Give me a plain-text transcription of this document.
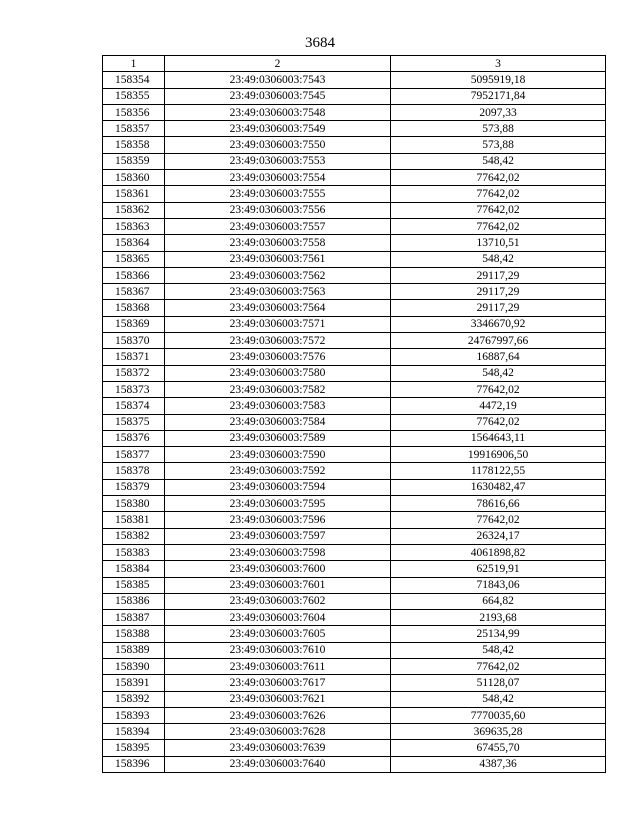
3684
1	2	3
158354	23:49:0306003:7543	5095919,18
158355	23:49:0306003:7545	7952171,84
158356	23:49:0306003:7548	2097,33
158357	23:49:0306003:7549	573,88
158358	23:49:0306003:7550	573,88
158359	23:49:0306003:7553	548,42
158360	23:49:0306003:7554	77642,02
158361	23:49:0306003:7555	77642,02
158362	23:49:0306003:7556	77642,02
158363	23:49:0306003:7557	77642,02
158364	23:49:0306003:7558	13710,51
158365	23:49:0306003:7561	548,42
158366	23:49:0306003:7562	29117,29
158367	23:49:0306003:7563	29117,29
158368	23:49:0306003:7564	29117,29
158369	23:49:0306003:7571	3346670,92
158370	23:49:0306003:7572	24767997,66
158371	23:49:0306003:7576	16887,64
158372	23:49:0306003:7580	548,42
158373	23:49:0306003:7582	77642,02
158374	23:49:0306003:7583	4472,19
158375	23:49:0306003:7584	77642,02
158376	23:49:0306003:7589	1564643,11
158377	23:49:0306003:7590	19916906,50
158378	23:49:0306003:7592	1178122,55
158379	23:49:0306003:7594	1630482,47
158380	23:49:0306003:7595	78616,66
158381	23:49:0306003:7596	77642,02
158382	23:49:0306003:7597	26324,17
158383	23:49:0306003:7598	4061898,82
158384	23:49:0306003:7600	62519,91
158385	23:49:0306003:7601	71843,06
158386	23:49:0306003:7602	664,82
158387	23:49:0306003:7604	2193,68
158388	23:49:0306003:7605	25134,99
158389	23:49:0306003:7610	548,42
158390	23:49:0306003:7611	77642,02
158391	23:49:0306003:7617	51128,07
158392	23:49:0306003:7621	548,42
158393	23:49:0306003:7626	7770035,60
158394	23:49:0306003:7628	369635,28
158395	23:49:0306003:7639	67455,70
158396	23:49:0306003:7640	4387,36
